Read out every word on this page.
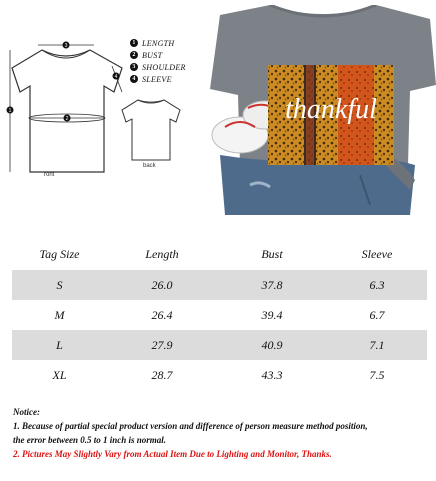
3
2
1
4
1 LENGTH
2 BUST
3 SHOULDER
4 SLEEVE
ront
back
thankful
Tag Size	Length	Bust	Sleeve
S	26.0	37.8	6.3
M	26.4	39.4	6.7
L	27.9	40.9	7.1
XL	28.7	43.3	7.5
Notice:
1. Because of partial special product version and difference of person measure method position,
the error between 0.5 to 1 inch is normal.
2. Pictures May Slightly Vary from Actual Item Due to Lighting and Monitor, Thanks.
